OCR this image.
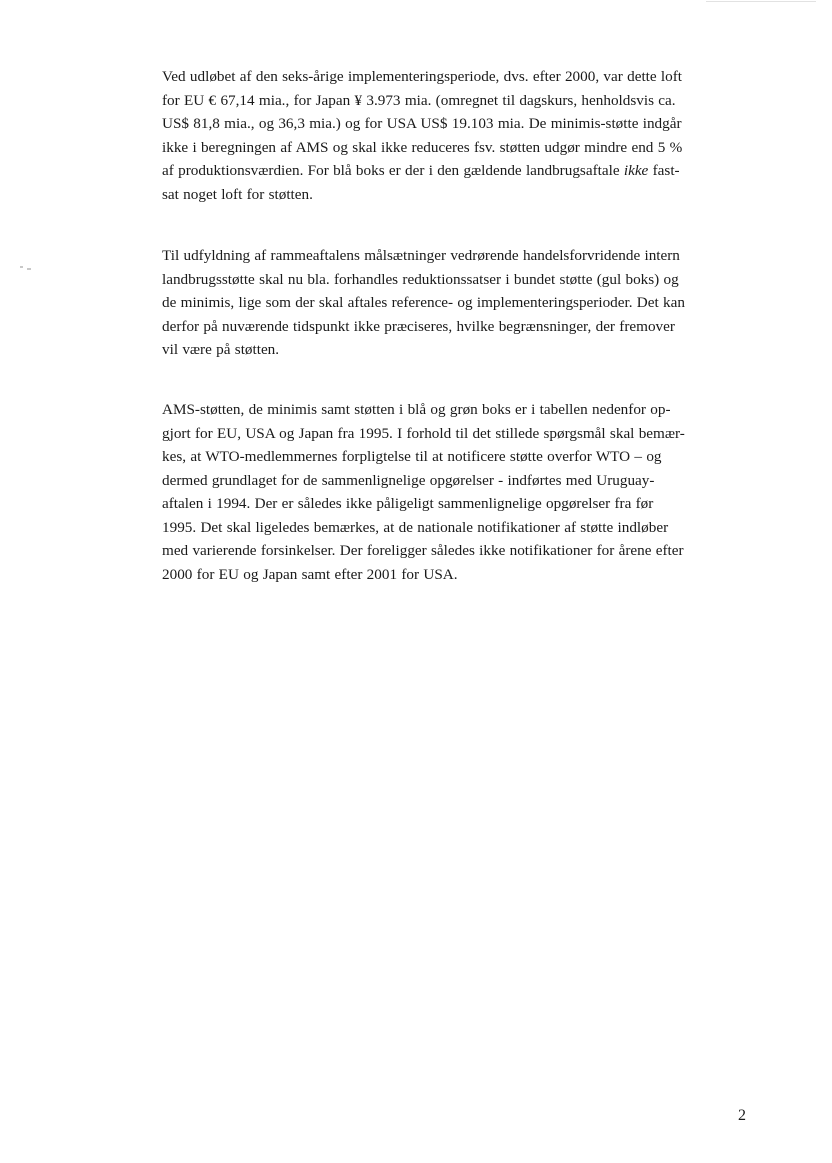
Ved udløbet af den seks-årige implementeringsperiode, dvs. efter 2000, var dette loft
for EU € 67,14 mia., for Japan ¥ 3.973 mia. (omregnet til dagskurs, henholdsvis ca.
US$ 81,8 mia., og 36,3 mia.) og for USA US$ 19.103 mia. De minimis-støtte indgår
ikke i beregningen af AMS og skal ikke reduceres fsv. støtten udgør mindre end 5 %
af produktionsværdien. For blå boks er der i den gældende landbrugsaftale ikke fast-
sat noget loft for støtten.

Til udfyldning af rammeaftalens målsætninger vedrørende handelsforvridende intern
landbrugsstøtte skal nu bla. forhandles reduktionssatser i bundet støtte (gul boks) og
de minimis, lige som der skal aftales reference- og implementeringsperioder. Det kan
derfor på nuværende tidspunkt ikke præciseres, hvilke begrænsninger, der fremover
vil være på støtten.

AMS-støtten, de minimis samt støtten i blå og grøn boks er i tabellen nedenfor op-
gjort for EU, USA og Japan fra 1995. I forhold til det stillede spørgsmål skal bemær-
kes, at WTO-medlemmernes forpligtelse til at notificere støtte overfor WTO – og
dermed grundlaget for de sammenlignelige opgørelser - indførtes med Uruguay-
aftalen i 1994. Der er således ikke påligeligt sammenlignelige opgørelser fra før
1995. Det skal ligeledes bemærkes, at de nationale notifikationer af støtte indløber
med varierende forsinkelser. Der foreligger således ikke notifikationer for årene efter
2000 for EU og Japan samt efter 2001 for USA.

2
